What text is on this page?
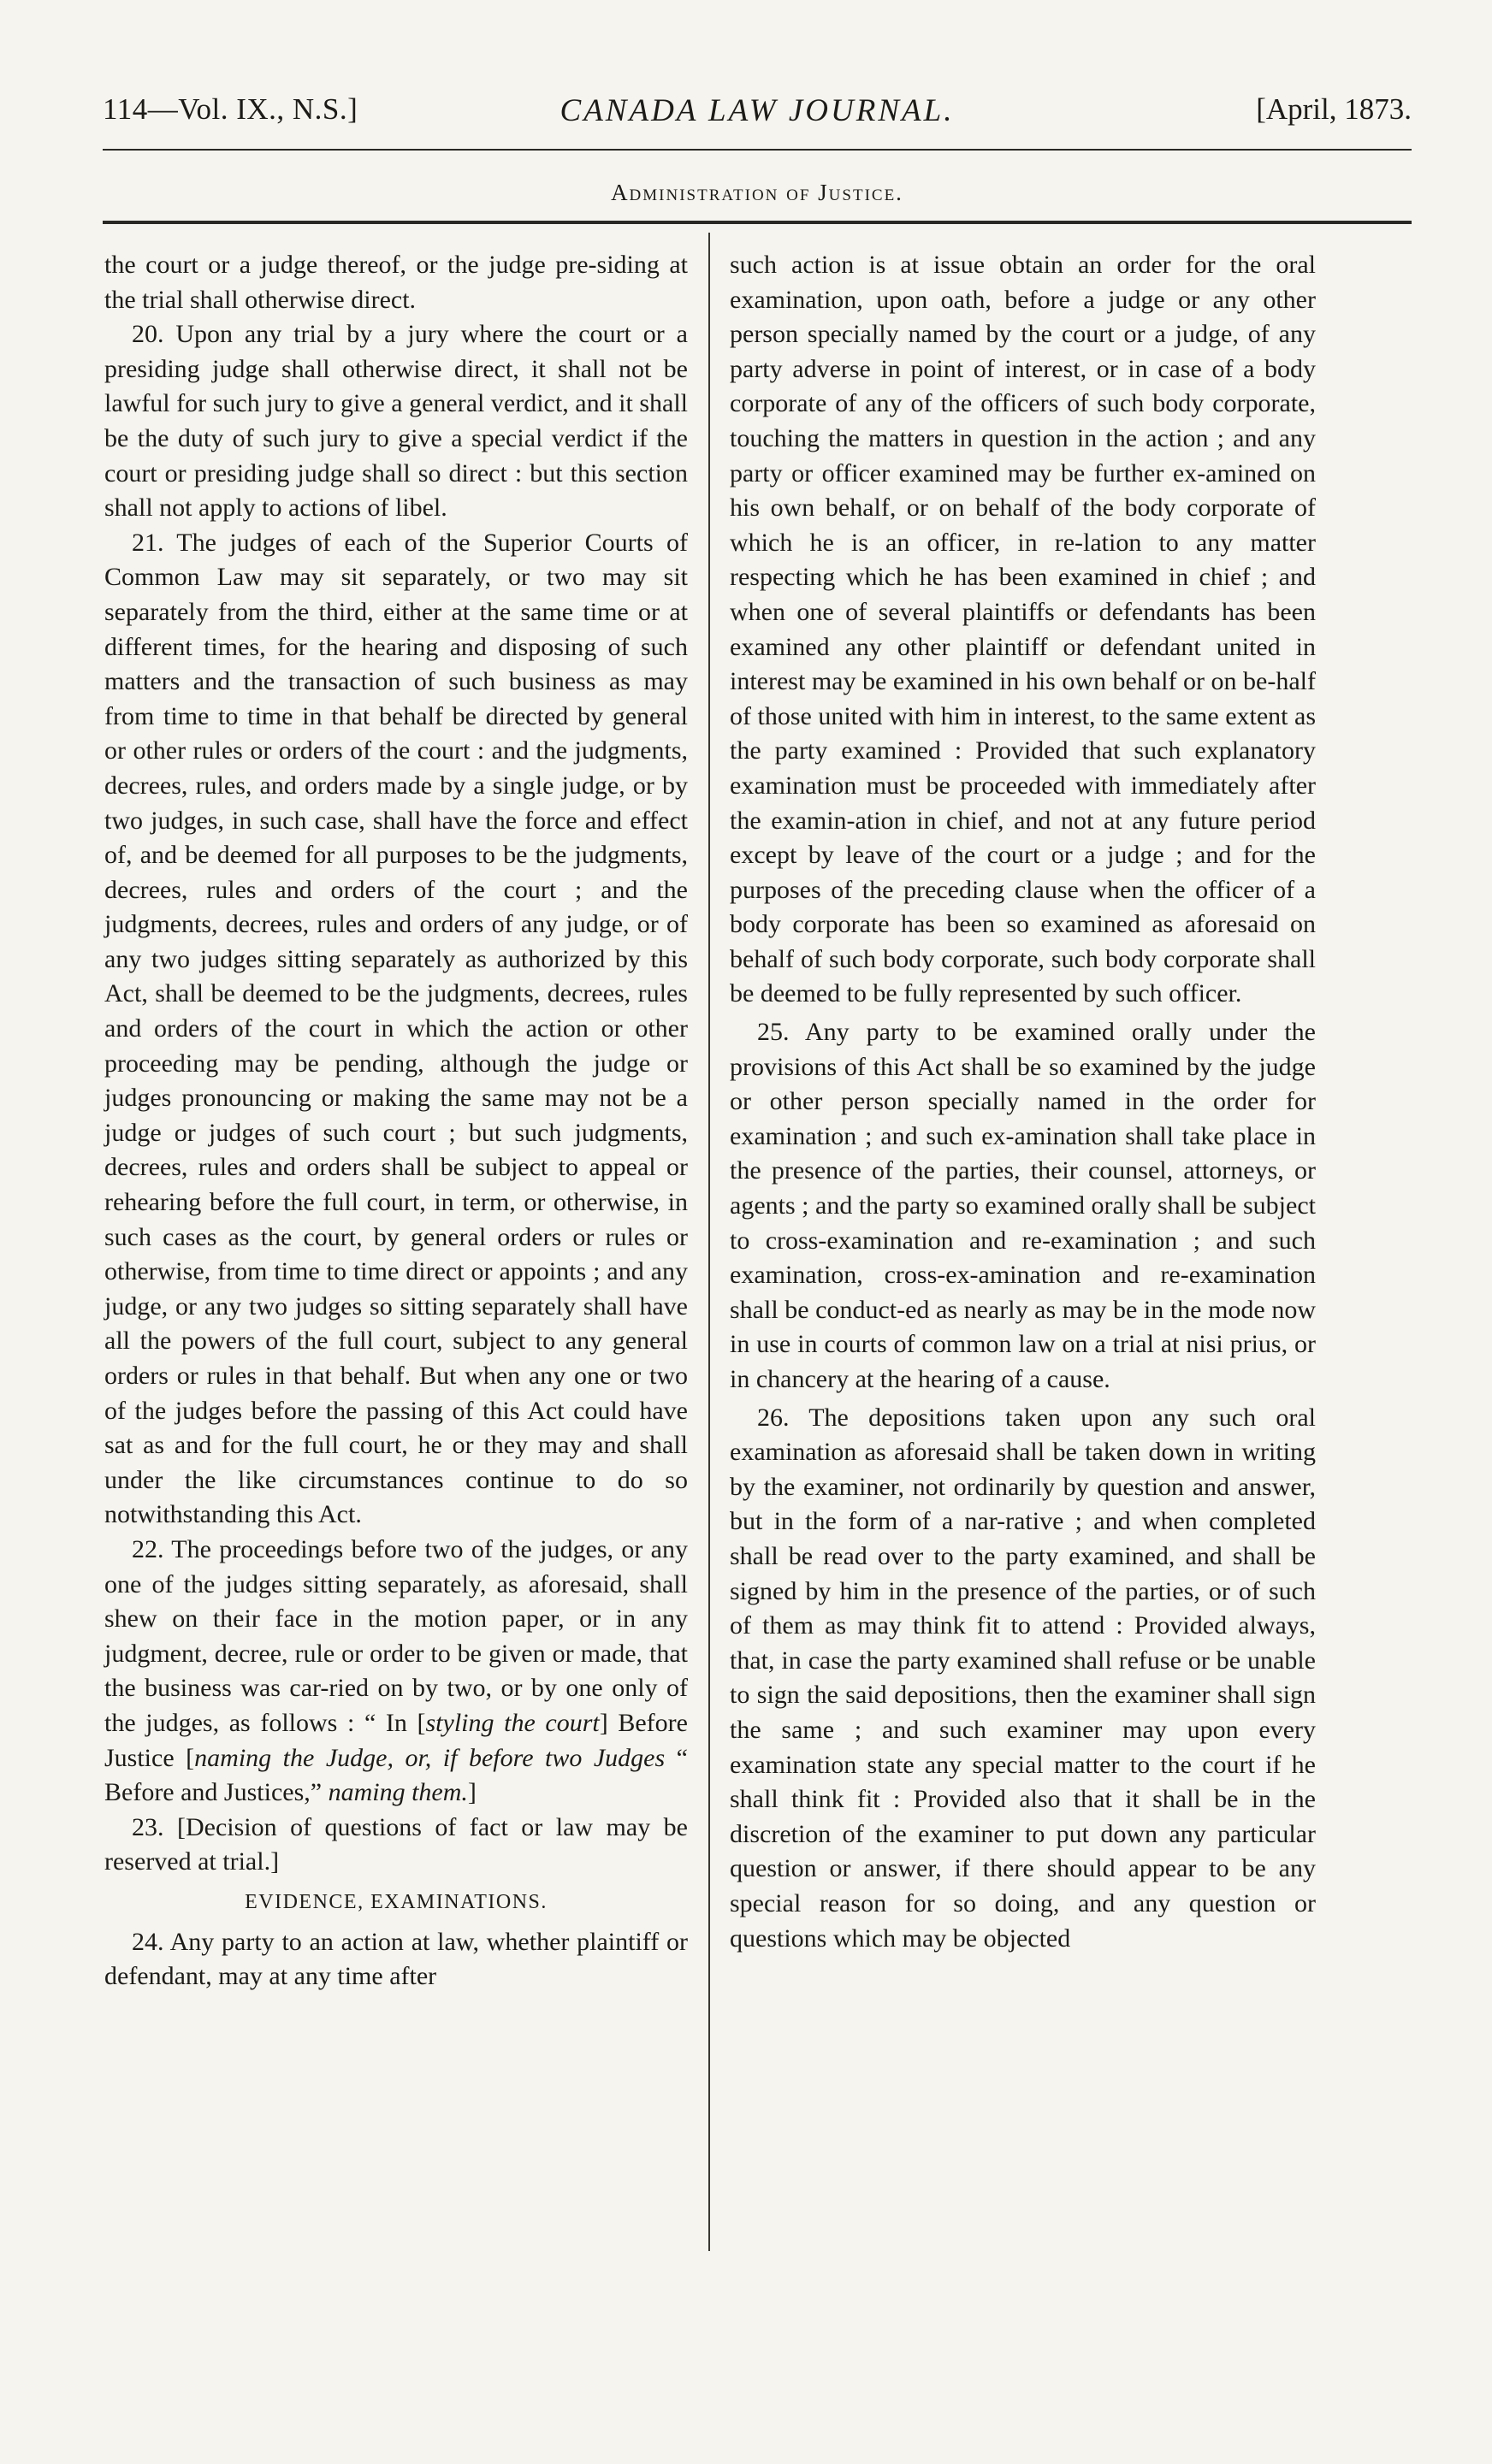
114—Vol. IX., N.S.]	CANADA LAW JOURNAL.	[April, 1873.
Administration of Justice.

the court or a judge thereof, or the judge pre-siding at the trial shall otherwise direct.

20. Upon any trial by a jury where the court or a presiding judge shall otherwise direct, it shall not be lawful for such jury to give a general verdict, and it shall be the duty of such jury to give a special verdict if the court or presiding judge shall so direct : but this section shall not apply to actions of libel.

21. The judges of each of the Superior Courts of Common Law may sit separately, or two may sit separately from the third, either at the same time or at different times, for the hearing and disposing of such matters and the transaction of such business as may from time to time in that behalf be directed by general or other rules or orders of the court : and the judgments, decrees, rules, and orders made by a single judge, or by two judges, in such case, shall have the force and effect of, and be deemed for all purposes to be the judgments, decrees, rules and orders of the court ; and the judgments, decrees, rules and orders of any judge, or of any two judges sitting separately as authorized by this Act, shall be deemed to be the judgments, decrees, rules and orders of the court in which the action or other proceeding may be pending, although the judge or judges pronouncing or making the same may not be a judge or judges of such court ; but such judgments, decrees, rules and orders shall be subject to appeal or rehearing before the full court, in term, or otherwise, in such cases as the court, by general orders or rules or otherwise, from time to time direct or appoints ; and any judge, or any two judges so sitting separately shall have all the powers of the full court, subject to any general orders or rules in that behalf. But when any one or two of the judges before the passing of this Act could have sat as and for the full court, he or they may and shall under the like circumstances continue to do so notwithstanding this Act.

22. The proceedings before two of the judges, or any one of the judges sitting separately, as aforesaid, shall shew on their face in the motion paper, or in any judgment, decree, rule or order to be given or made, that the business was car-ried on by two, or by one only of the judges, as follows : “ In [styling the court] Before Justice [naming the Judge, or, if before two Judges “ Before and Justices,” naming them.]

23. [Decision of questions of fact or law may be reserved at trial.]

EVIDENCE, EXAMINATIONS.

24. Any party to an action at law, whether plaintiff or defendant, may at any time after

such action is at issue obtain an order for the oral examination, upon oath, before a judge or any other person specially named by the court or a judge, of any party adverse in point of interest, or in case of a body corporate of any of the officers of such body corporate, touching the matters in question in the action ; and any party or officer examined may be further ex-amined on his own behalf, or on behalf of the body corporate of which he is an officer, in re-lation to any matter respecting which he has been examined in chief ; and when one of several plaintiffs or defendants has been examined any other plaintiff or defendant united in interest may be examined in his own behalf or on be-half of those united with him in interest, to the same extent as the party examined : Provided that such explanatory examination must be proceeded with immediately after the examin-ation in chief, and not at any future period except by leave of the court or a judge ; and for the purposes of the preceding clause when the officer of a body corporate has been so examined as aforesaid on behalf of such body corporate, such body corporate shall be deemed to be fully represented by such officer.

25. Any party to be examined orally under the provisions of this Act shall be so examined by the judge or other person specially named in the order for examination ; and such ex-amination shall take place in the presence of the parties, their counsel, attorneys, or agents ; and the party so examined orally shall be subject to cross-examination and re-examination ; and such examination, cross-ex-amination and re-examination shall be conduct-ed as nearly as may be in the mode now in use in courts of common law on a trial at nisi prius, or in chancery at the hearing of a cause.

26. The depositions taken upon any such oral examination as aforesaid shall be taken down in writing by the examiner, not ordinarily by question and answer, but in the form of a nar-rative ; and when completed shall be read over to the party examined, and shall be signed by him in the presence of the parties, or of such of them as may think fit to attend : Provided always, that, in case the party examined shall refuse or be unable to sign the said depositions, then the examiner shall sign the same ; and such examiner may upon every examination state any special matter to the court if he shall think fit : Provided also that it shall be in the discretion of the examiner to put down any particular question or answer, if there should appear to be any special reason for so doing, and any question or questions which may be objected
